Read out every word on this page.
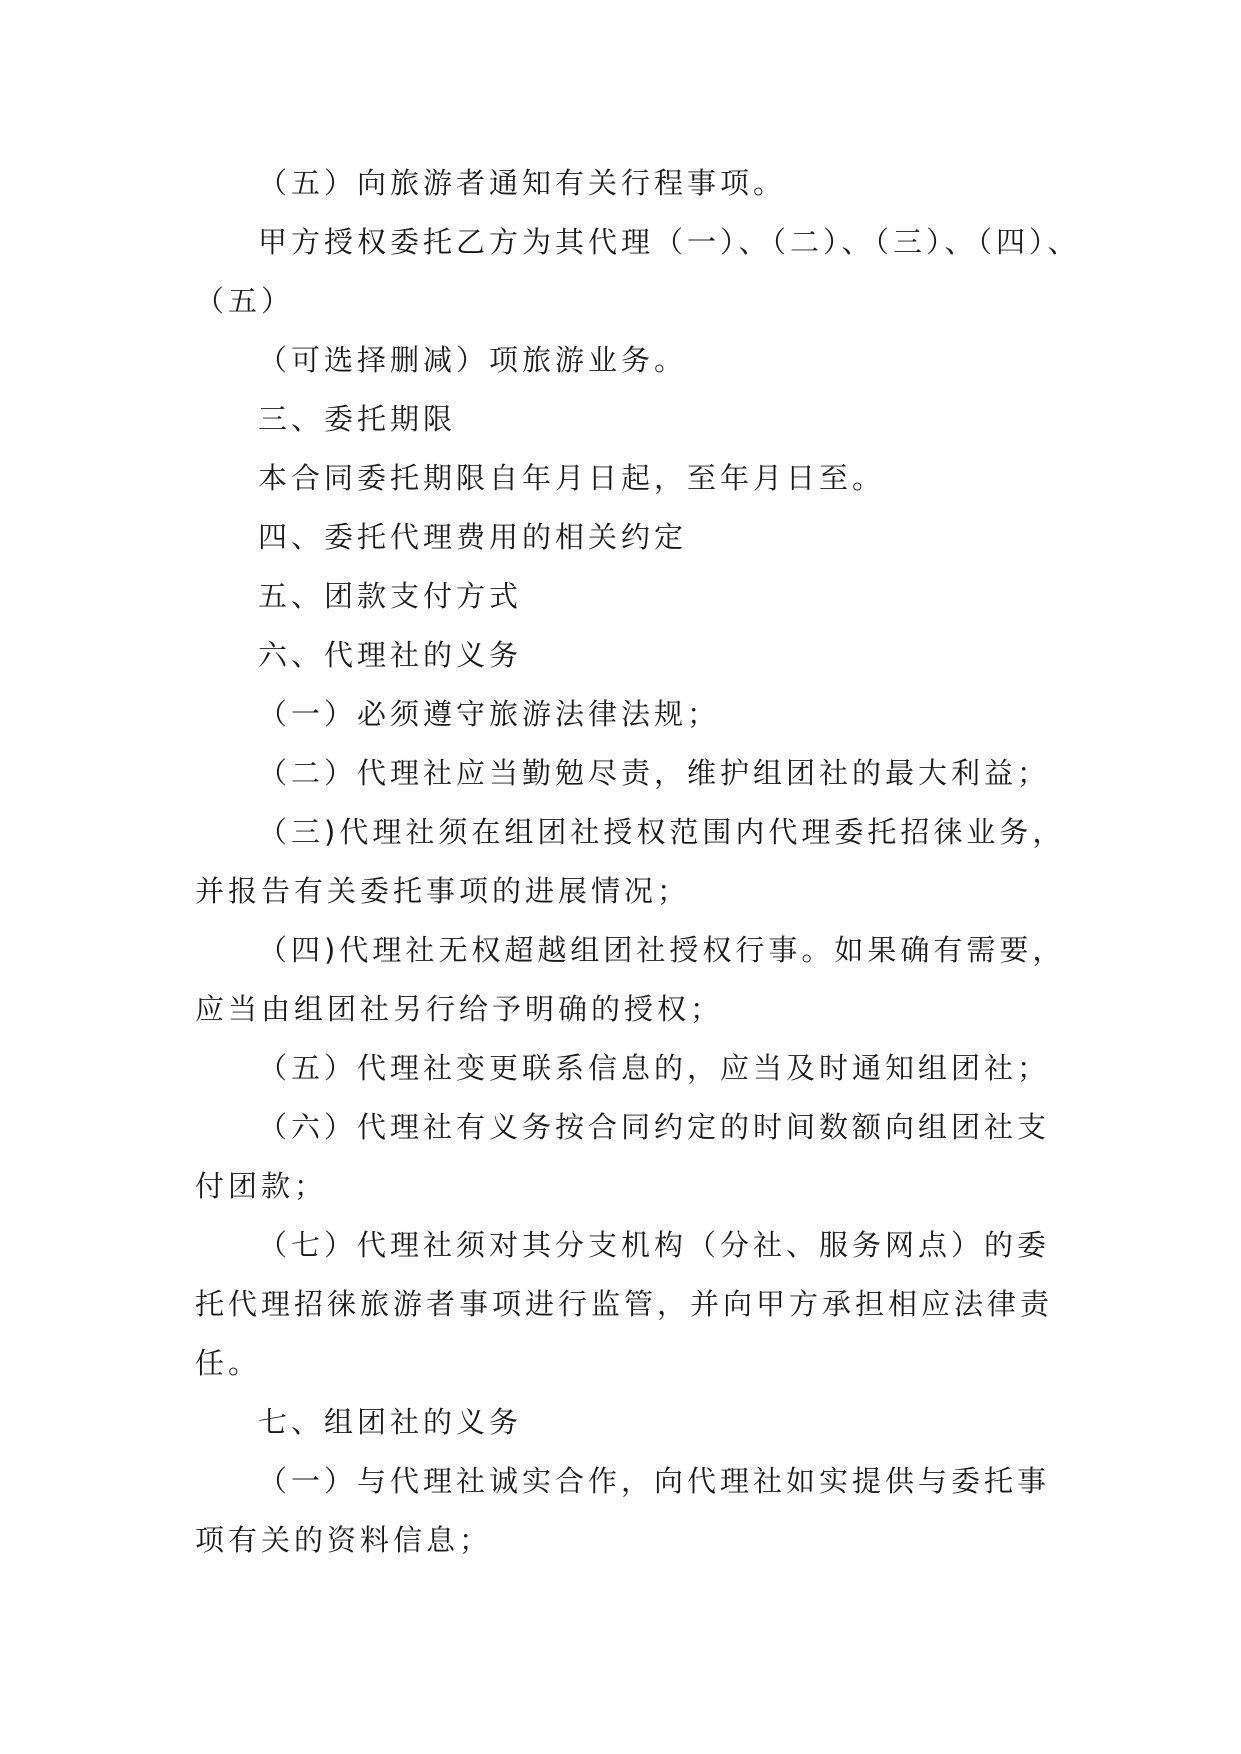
（五）向旅游者通知有关行程事项。
甲方授权委托乙方为其代理（一）、（二）、（三）、（四）、
（五）
（可选择删减）项旅游业务。
三、委托期限
本合同委托期限自年月日起，至年月日至。
四、委托代理费用的相关约定
五、团款支付方式
六、代理社的义务
（一）必须遵守旅游法律法规；
（二）代理社应当勤勉尽责，维护组团社的最大利益；
（三)代理社须在组团社授权范围内代理委托招徕业务，
并报告有关委托事项的进展情况；
（四)代理社无权超越组团社授权行事。如果确有需要，
应当由组团社另行给予明确的授权；
（五）代理社变更联系信息的，应当及时通知组团社；
（六）代理社有义务按合同约定的时间数额向组团社支
付团款；
（七）代理社须对其分支机构（分社、服务网点）的委
托代理招徕旅游者事项进行监管，并向甲方承担相应法律责
任。
七、组团社的义务
（一）与代理社诚实合作，向代理社如实提供与委托事
项有关的资料信息；
